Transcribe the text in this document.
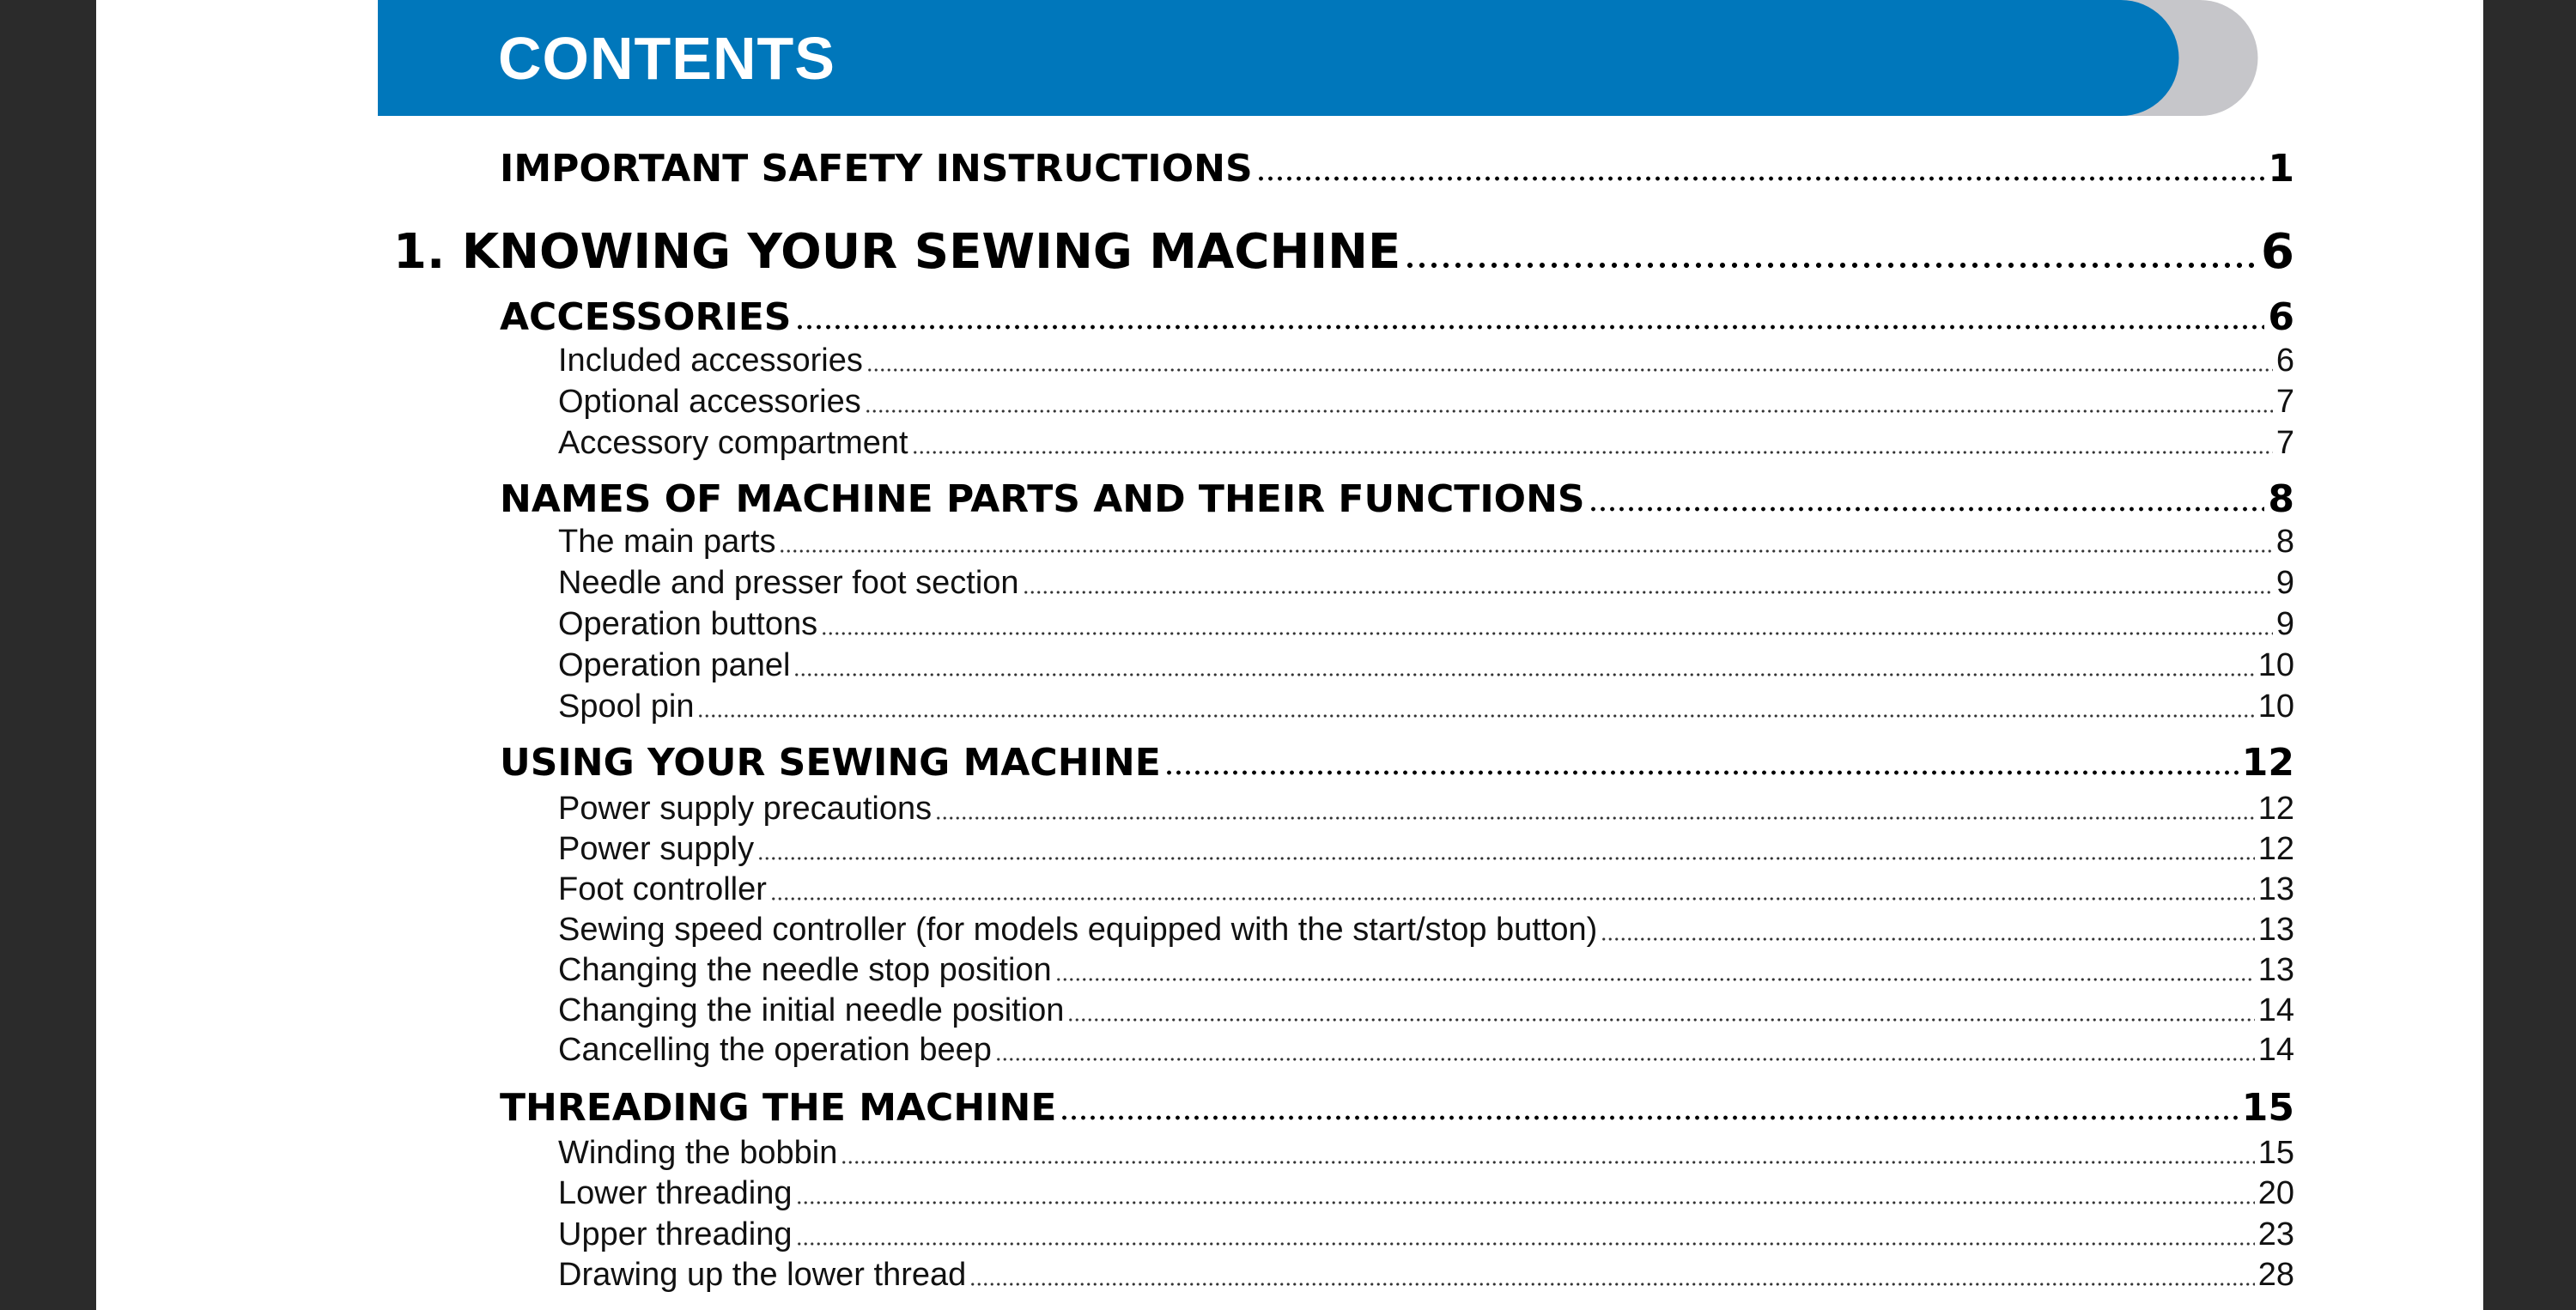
CONTENTS
IMPORTANT SAFETY INSTRUCTIONS	1
1. KNOWING YOUR SEWING MACHINE	6
ACCESSORIES	6
Included accessories	6
Optional accessories	7
Accessory compartment	7
NAMES OF MACHINE PARTS AND THEIR FUNCTIONS	8
The main parts	8
Needle and presser foot section	9
Operation buttons	9
Operation panel	10
Spool pin	10
USING YOUR SEWING MACHINE	12
Power supply precautions	12
Power supply	12
Foot controller	13
Sewing speed controller (for models equipped with the start/stop button)	13
Changing the needle stop position	13
Changing the initial needle position	14
Cancelling the operation beep	14
THREADING THE MACHINE	15
Winding the bobbin	15
Lower threading	20
Upper threading	23
Drawing up the lower thread	28
